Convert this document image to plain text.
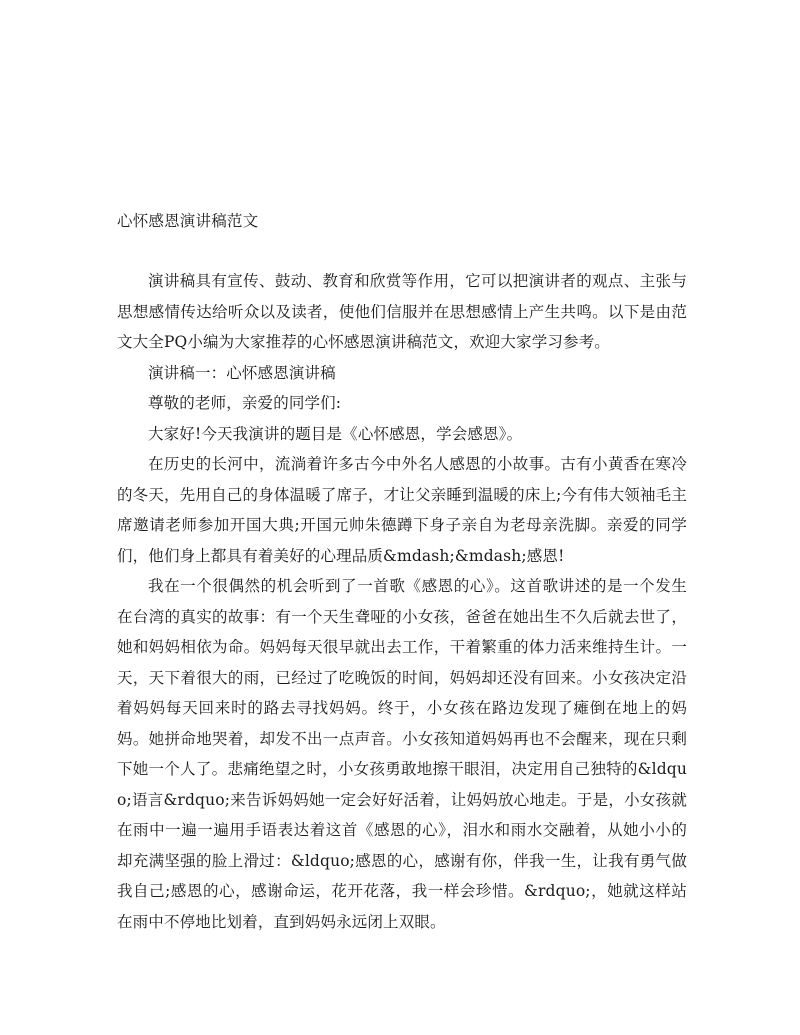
心怀感恩演讲稿范文

演讲稿具有宣传、鼓动、教育和欣赏等作用，它可以把演讲者的观点、主张与思想感情传达给听众以及读者，使他们信服并在思想感情上产生共鸣。以下是由范文大全PQ小编为大家推荐的心怀感恩演讲稿范文，欢迎大家学习参考。

演讲稿一：心怀感恩演讲稿

尊敬的老师，亲爱的同学们:

大家好!今天我演讲的题目是《心怀感恩，学会感恩》。

在历史的长河中，流淌着许多古今中外名人感恩的小故事。古有小黄香在寒冷的冬天，先用自己的身体温暖了席子，才让父亲睡到温暖的床上;今有伟大领袖毛主席邀请老师参加开国大典;开国元帅朱德蹲下身子亲自为老母亲洗脚。亲爱的同学们，他们身上都具有着美好的心理品质&mdash;&mdash;感恩!

我在一个很偶然的机会听到了一首歌《感恩的心》。这首歌讲述的是一个发生在台湾的真实的故事：有一个天生聋哑的小女孩，爸爸在她出生不久后就去世了，她和妈妈相依为命。妈妈每天很早就出去工作，干着繁重的体力活来维持生计。一天，天下着很大的雨，已经过了吃晚饭的时间，妈妈却还没有回来。小女孩决定沿着妈妈每天回来时的路去寻找妈妈。终于，小女孩在路边发现了瘫倒在地上的妈妈。她拼命地哭着，却发不出一点声音。小女孩知道妈妈再也不会醒来，现在只剩下她一个人了。悲痛绝望之时，小女孩勇敢地擦干眼泪，决定用自己独特的&ldquo;语言&rdquo;来告诉妈妈她一定会好好活着，让妈妈放心地走。于是，小女孩就在雨中一遍一遍用手语表达着这首《感恩的心》，泪水和雨水交融着，从她小小的却充满坚强的脸上滑过：&ldquo;感恩的心，感谢有你，伴我一生，让我有勇气做我自己;感恩的心，感谢命运，花开花落，我一样会珍惜。&rdquo;，她就这样站在雨中不停地比划着，直到妈妈永远闭上双眼。
